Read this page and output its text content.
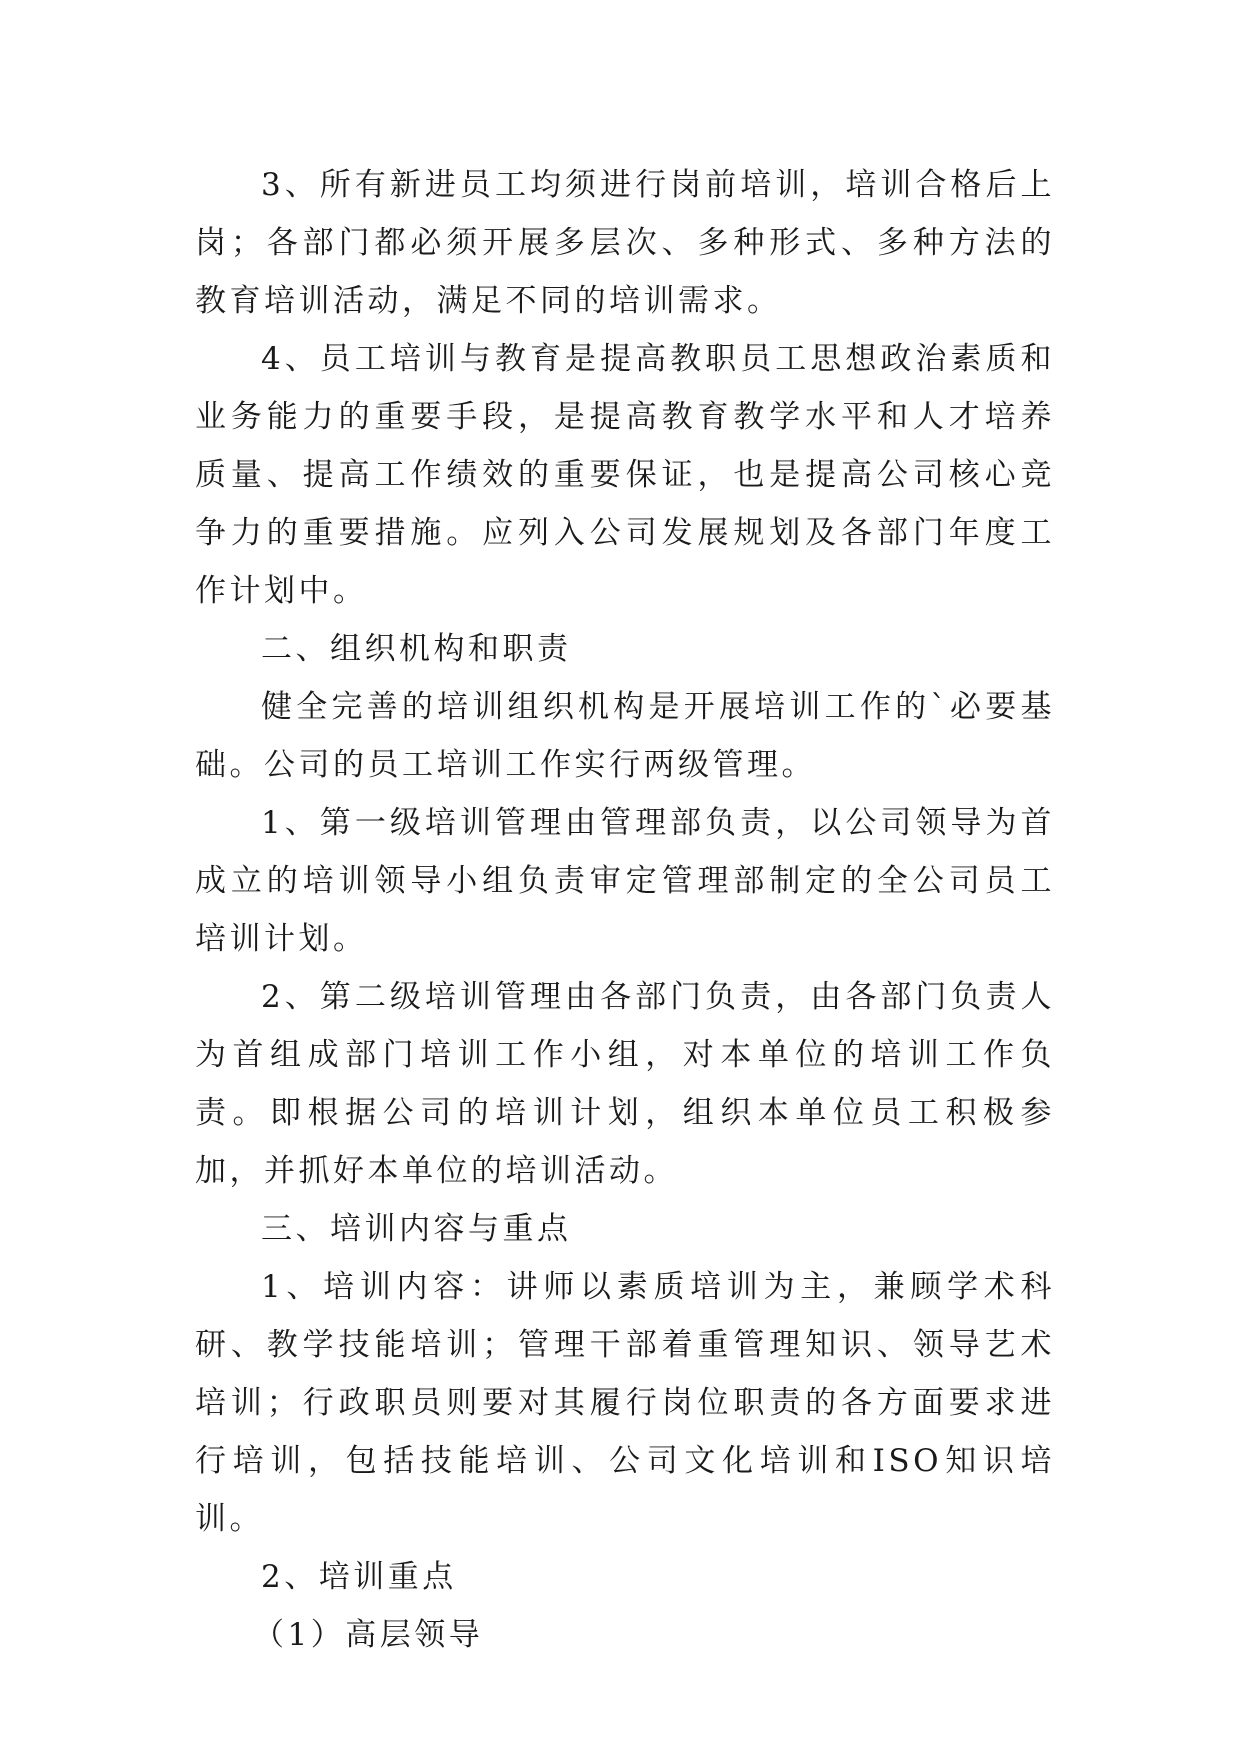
3、所有新进员工均须进行岗前培训，培训合格后上岗；各部门都必须开展多层次、多种形式、多种方法的教育培训活动，满足不同的培训需求。

4、员工培训与教育是提高教职员工思想政治素质和业务能力的重要手段，是提高教育教学水平和人才培养质量、提高工作绩效的重要保证，也是提高公司核心竞争力的重要措施。应列入公司发展规划及各部门年度工作计划中。

二、组织机构和职责

健全完善的培训组织机构是开展培训工作的`必要基础。公司的员工培训工作实行两级管理。

1、第一级培训管理由管理部负责，以公司领导为首成立的培训领导小组负责审定管理部制定的全公司员工培训计划。

2、第二级培训管理由各部门负责，由各部门负责人为首组成部门培训工作小组，对本单位的培训工作负责。即根据公司的培训计划，组织本单位员工积极参加，并抓好本单位的培训活动。

三、培训内容与重点

1、培训内容：讲师以素质培训为主，兼顾学术科研、教学技能培训；管理干部着重管理知识、领导艺术培训；行政职员则要对其履行岗位职责的各方面要求进行培训，包括技能培训、公司文化培训和ISO知识培训。

2、培训重点

（1）高层领导
